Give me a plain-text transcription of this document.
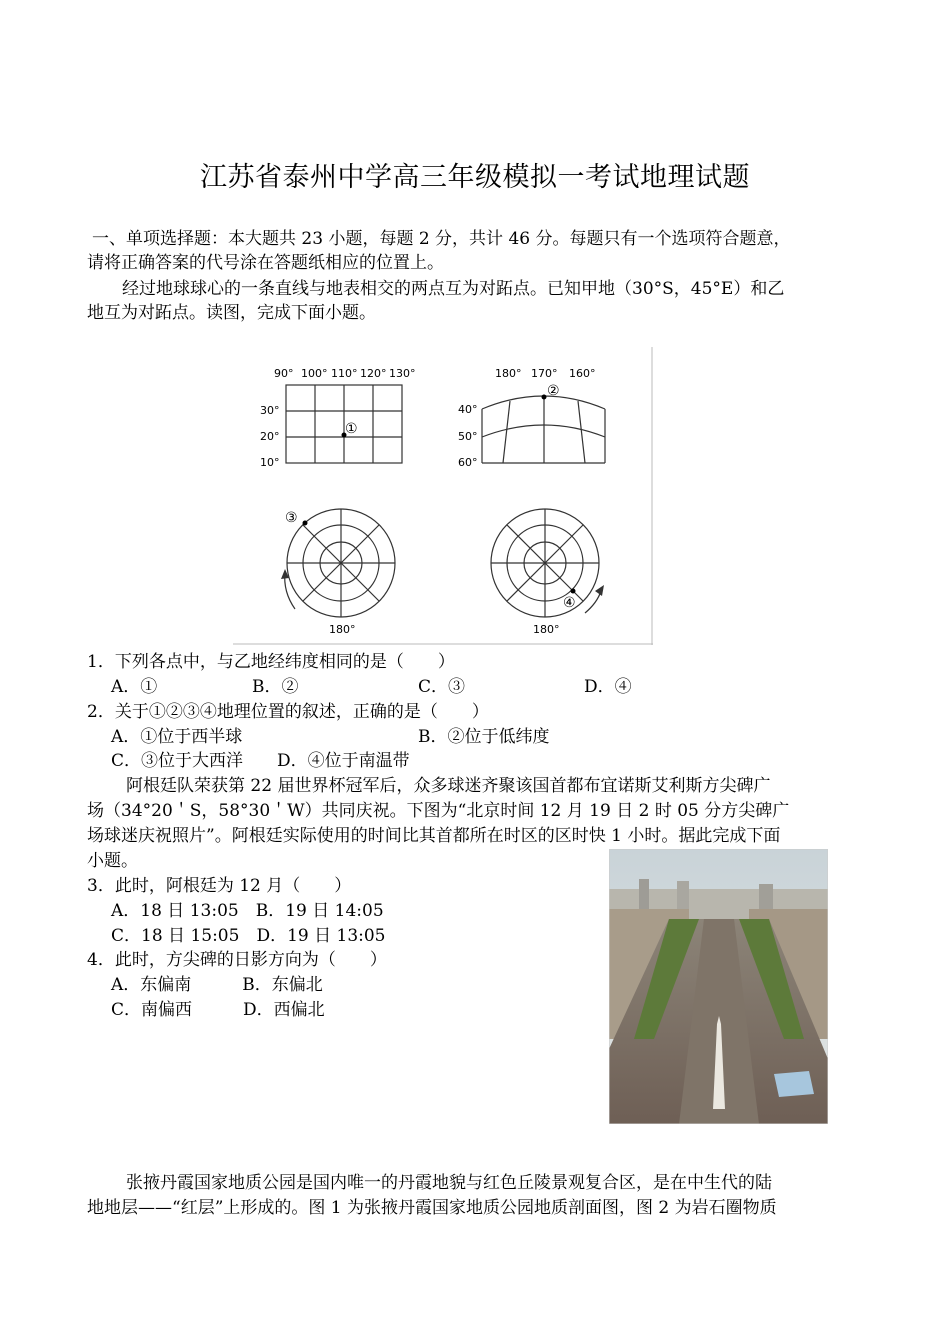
江苏省泰州中学高三年级模拟一考试地理试题
一、单项选择题：本大题共 23 小题，每题 2 分，共计 46 分。每题只有一个选项符合题意，
请将正确答案的代号涂在答题纸相应的位置上。
经过地球球心的一条直线与地表相交的两点互为对跖点。已知甲地（30°S，45°E）和乙
地互为对跖点。读图，完成下面小题。
①
90° 100° 110° 120° 130°
30°
20°
10°
②
180° 170° 160°
40°
50°
60°
③
180°
④
180°
1．下列各点中，与乙地经纬度相同的是（　　）
A．①	B．②	C．③	D．④
2．关于①②③④地理位置的叙述，正确的是（　　）
A．①位于西半球	B．②位于低纬度
C．③位于大西洋　　D．④位于南温带
阿根廷队荣获第 22 届世界杯冠军后，众多球迷齐聚该国首都布宜诺斯艾利斯方尖碑广
场（34°20＇S，58°30＇W）共同庆祝。下图为“北京时间 12 月 19 日 2 时 05 分方尖碑广
场球迷庆祝照片”。阿根廷实际使用的时间比其首都所在时区的区时快 1 小时。据此完成下面
小题。
3．此时，阿根廷为 12 月（　　）
A．18 日 13:05　B．19 日 14:05
C．18 日 15:05　D．19 日 13:05
4．此时，方尖碑的日影方向为（　　）
A．东偏南　　　B．东偏北
C．南偏西　　　D．西偏北
张掖丹霞国家地质公园是国内唯一的丹霞地貌与红色丘陵景观复合区，是在中生代的陆
地地层——“红层”上形成的。图 1 为张掖丹霞国家地质公园地质剖面图，图 2 为岩石圈物质
